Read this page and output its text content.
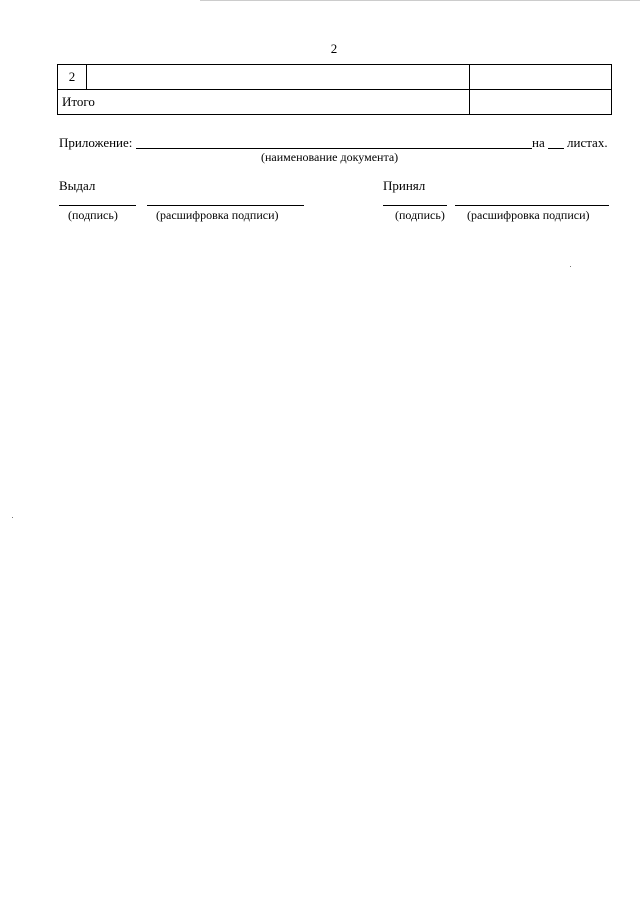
2
2		
Итого		
Приложение:	на листах.
(наименование документа)
Выдал
(подпись)	(расшифровка подписи)
Принял
(подпись) (расшифровка подписи)
